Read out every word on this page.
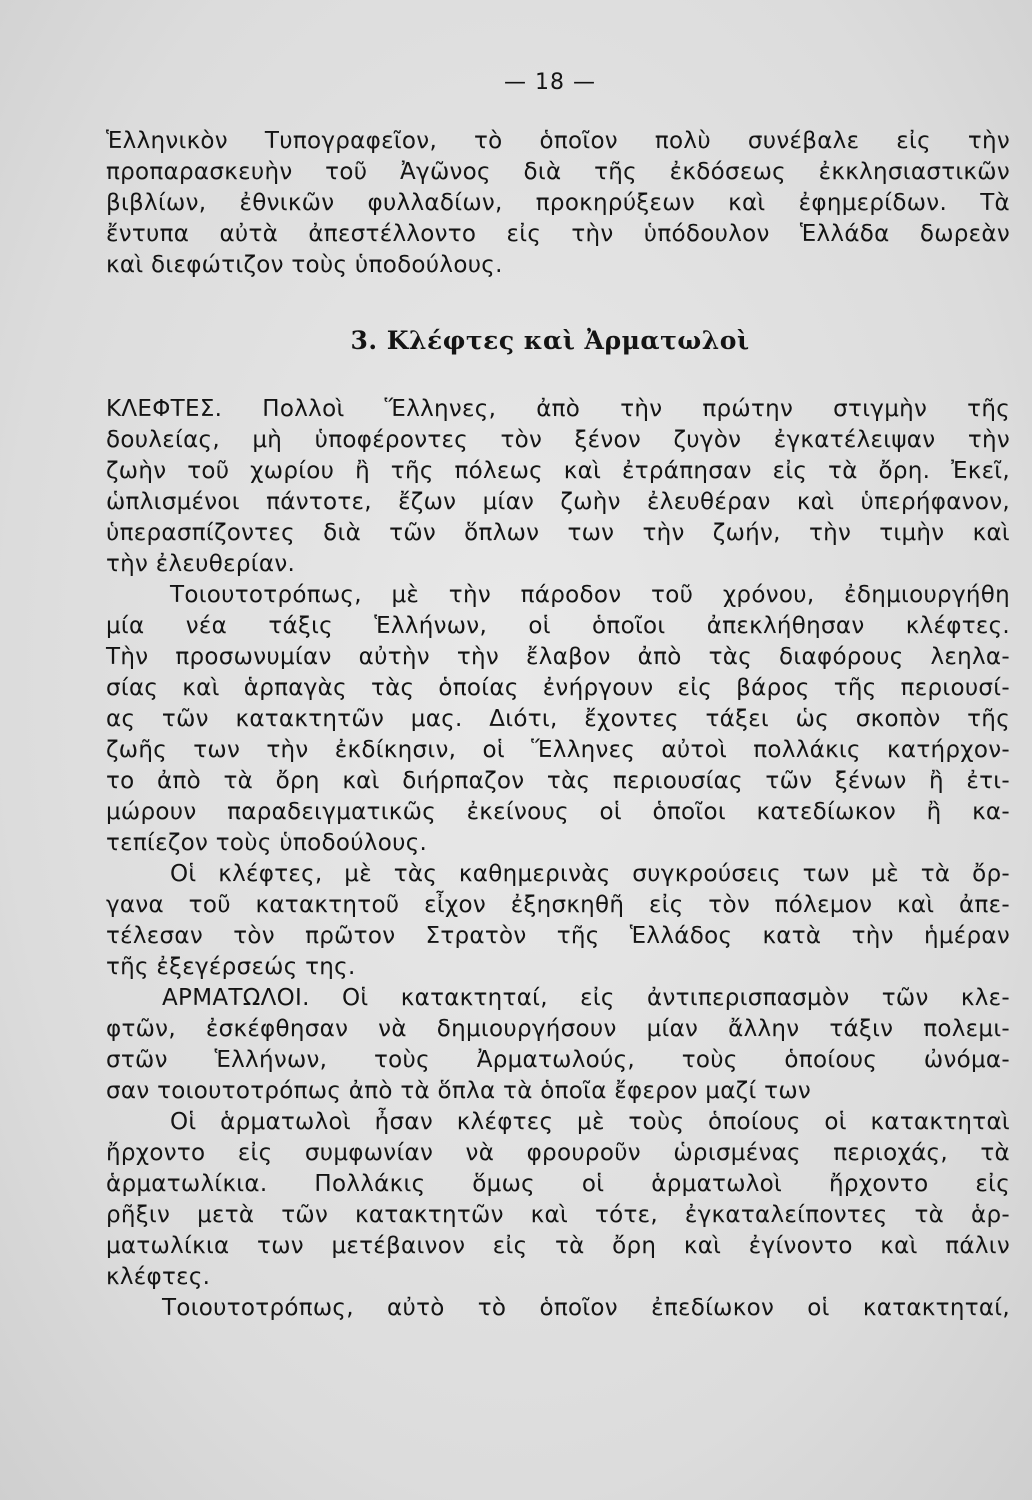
— 18 —
Ἑλληνικὸν Τυπογραφεῖον, τὸ ὁποῖον πολὺ συνέβαλε εἰς τὴν
προπαρασκευὴν τοῦ Ἀγῶνος διὰ τῆς ἐκδόσεως ἐκκλησιαστικῶν
βιβλίων, ἐθνικῶν φυλλαδίων, προκηρύξεων καὶ ἐφημερίδων. Τὰ
ἔντυπα αὐτὰ ἀπεστέλλοντο εἰς τὴν ὑπόδουλον Ἑλλάδα δωρεὰν
καὶ διεφώτιζον τοὺς ὑποδούλους.
3. Κλέφτες καὶ Ἀρματωλοὶ
ΚΛΕΦΤΕΣ. Πολλοὶ Ἕλληνες, ἀπὸ τὴν πρώτην στιγμὴν τῆς
δουλείας, μὴ ὑποφέροντες τὸν ξένον ζυγὸν ἐγκατέλειψαν τὴν
ζωὴν τοῦ χωρίου ἢ τῆς πόλεως καὶ ἐτράπησαν εἰς τὰ ὄρη. Ἐκεῖ,
ὡπλισμένοι πάντοτε, ἔζων μίαν ζωὴν ἐλευθέραν καὶ ὑπερήφανον,
ὑπερασπίζοντες διὰ τῶν ὅπλων των τὴν ζωήν, τὴν τιμὴν καὶ
τὴν ἐλευθερίαν.
Τοιουτοτρόπως, μὲ τὴν πάροδον τοῦ χρόνου, ἐδημιουργήθη
μία νέα τάξις Ἑλλήνων, οἱ ὁποῖοι ἀπεκλήθησαν κλέφτες.
Τὴν προσωνυμίαν αὐτὴν τὴν ἔλαβον ἀπὸ τὰς διαφόρους λεηλα-
σίας καὶ ἁρπαγὰς τὰς ὁποίας ἐνήργουν εἰς βάρος τῆς περιουσί-
ας τῶν κατακτητῶν μας. Διότι, ἔχοντες τάξει ὡς σκοπὸν τῆς
ζωῆς των τὴν ἐκδίκησιν, οἱ Ἕλληνες αὐτοὶ πολλάκις κατήρχον-
το ἀπὸ τὰ ὄρη καὶ διήρπαζον τὰς περιουσίας τῶν ξένων ἢ ἐτι-
μώρουν παραδειγματικῶς ἐκείνους οἱ ὁποῖοι κατεδίωκον ἢ κα-
τεπίεζον τοὺς ὑποδούλους.
Οἱ κλέφτες, μὲ τὰς καθημερινὰς συγκρούσεις των μὲ τὰ ὄρ-
γανα τοῦ κατακτητοῦ εἶχον ἐξησκηθῆ εἰς τὸν πόλεμον καὶ ἀπε-
τέλεσαν τὸν πρῶτον Στρατὸν τῆς Ἑλλάδος κατὰ τὴν ἡμέραν
τῆς ἐξεγέρσεώς της.
ΑΡΜΑΤΩΛΟΙ. Οἱ κατακτηταί, εἰς ἀντιπερισπασμὸν τῶν κλε-
φτῶν, ἐσκέφθησαν νὰ δημιουργήσουν μίαν ἄλλην τάξιν πολεμι-
στῶν Ἑλλήνων, τοὺς Ἀρματωλούς, τοὺς ὁποίους ὠνόμα-
σαν τοιουτοτρόπως ἀπὸ τὰ ὅπλα τὰ ὁποῖα ἔφερον μαζί των
Οἱ ἁρματωλοὶ ἦσαν κλέφτες μὲ τοὺς ὁποίους οἱ κατακτηταὶ
ἤρχοντο εἰς συμφωνίαν νὰ φρουροῦν ὡρισμένας περιοχάς, τὰ
ἁρματωλίκια. Πολλάκις ὅμως οἱ ἁρματωλοὶ ἤρχοντο εἰς
ρῆξιν μετὰ τῶν κατακτητῶν καὶ τότε, ἐγκαταλείποντες τὰ ἁρ-
ματωλίκια των μετέβαινον εἰς τὰ ὄρη καὶ ἐγίνοντο καὶ πάλιν
κλέφτες.
Τοιουτοτρόπως, αὐτὸ τὸ ὁποῖον ἐπεδίωκον οἱ κατακτηταί,
